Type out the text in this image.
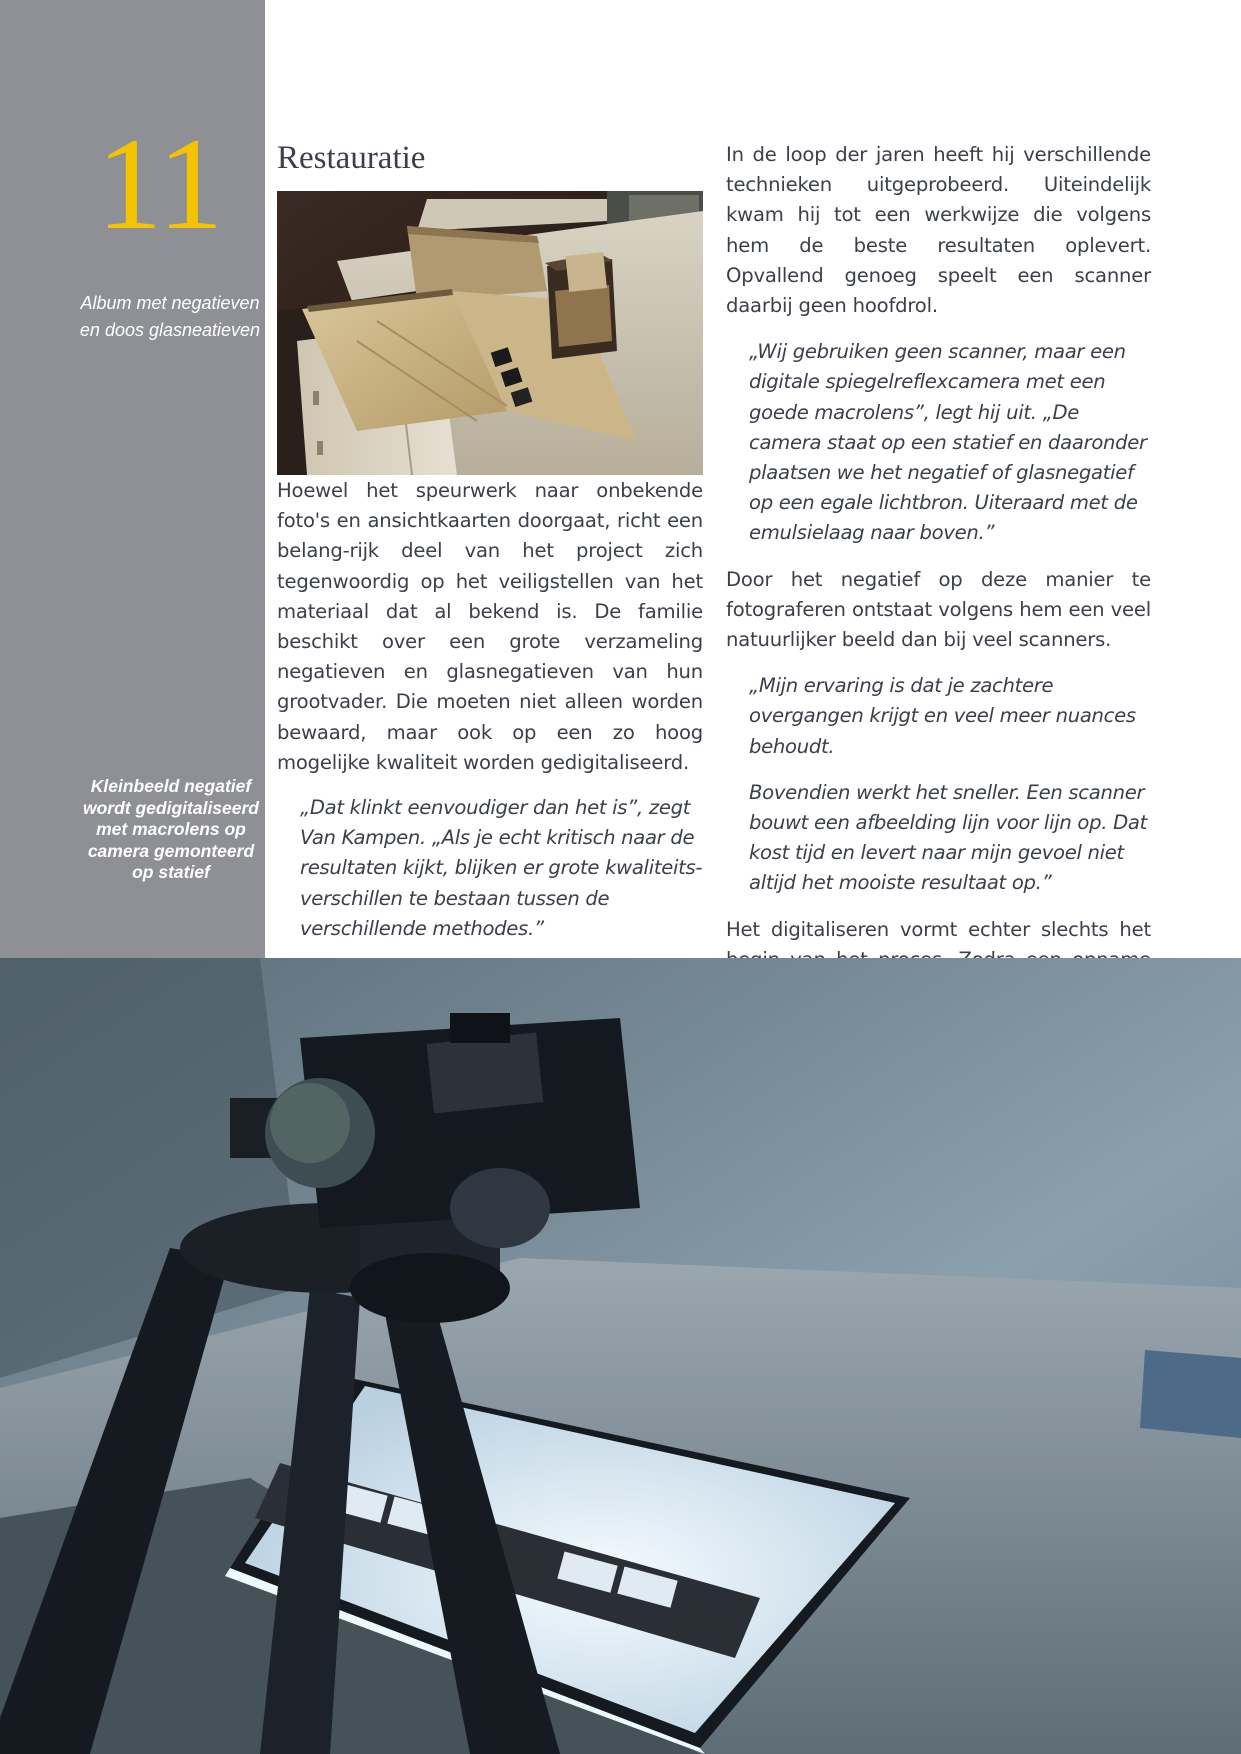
11
Album met negatieven en doos glasneatieven
Kleinbeeld negatief wordt gedigitaliseerd met macrolens op camera gemonteerd op statief
Restauratie

Hoewel het speurwerk naar onbekende foto's en ansichtkaarten doorgaat, richt een belang-rijk deel van het project zich tegenwoordig op het veiligstellen van het materiaal dat al bekend is. De familie beschikt over een grote verzameling negatieven en glasnegatieven van hun grootvader. Die moeten niet alleen worden bewaard, maar ook op een zo hoog mogelijke kwaliteit worden gedigitaliseerd.

„Dat klinkt eenvoudiger dan het is”, zegt Van Kampen. „Als je echt kritisch naar de resultaten kijkt, blijken er grote kwaliteits-verschillen te bestaan tussen de verschillende methodes.”

In de loop der jaren heeft hij verschillende technieken uitgeprobeerd. Uiteindelijk kwam hij tot een werkwijze die volgens hem de beste resultaten oplevert. Opvallend genoeg speelt een scanner daarbij geen hoofdrol.

„Wij gebruiken geen scanner, maar een digitale spiegelreflexcamera met een goede macrolens”, legt hij uit. „De camera staat op een statief en daaronder plaatsen we het negatief of glasnegatief op een egale lichtbron. Uiteraard met de emulsielaag naar boven.”

Door het negatief op deze manier te fotograferen ontstaat volgens hem een veel natuurlijker beeld dan bij veel scanners.

„Mijn ervaring is dat je zachtere overgangen krijgt en veel meer nuances behoudt.

Bovendien werkt het sneller. Een scanner bouwt een afbeelding lijn voor lijn op. Dat kost tijd en levert naar mijn gevoel niet altijd het mooiste resultaat op.”

Het digitaliseren vormt echter slechts het
